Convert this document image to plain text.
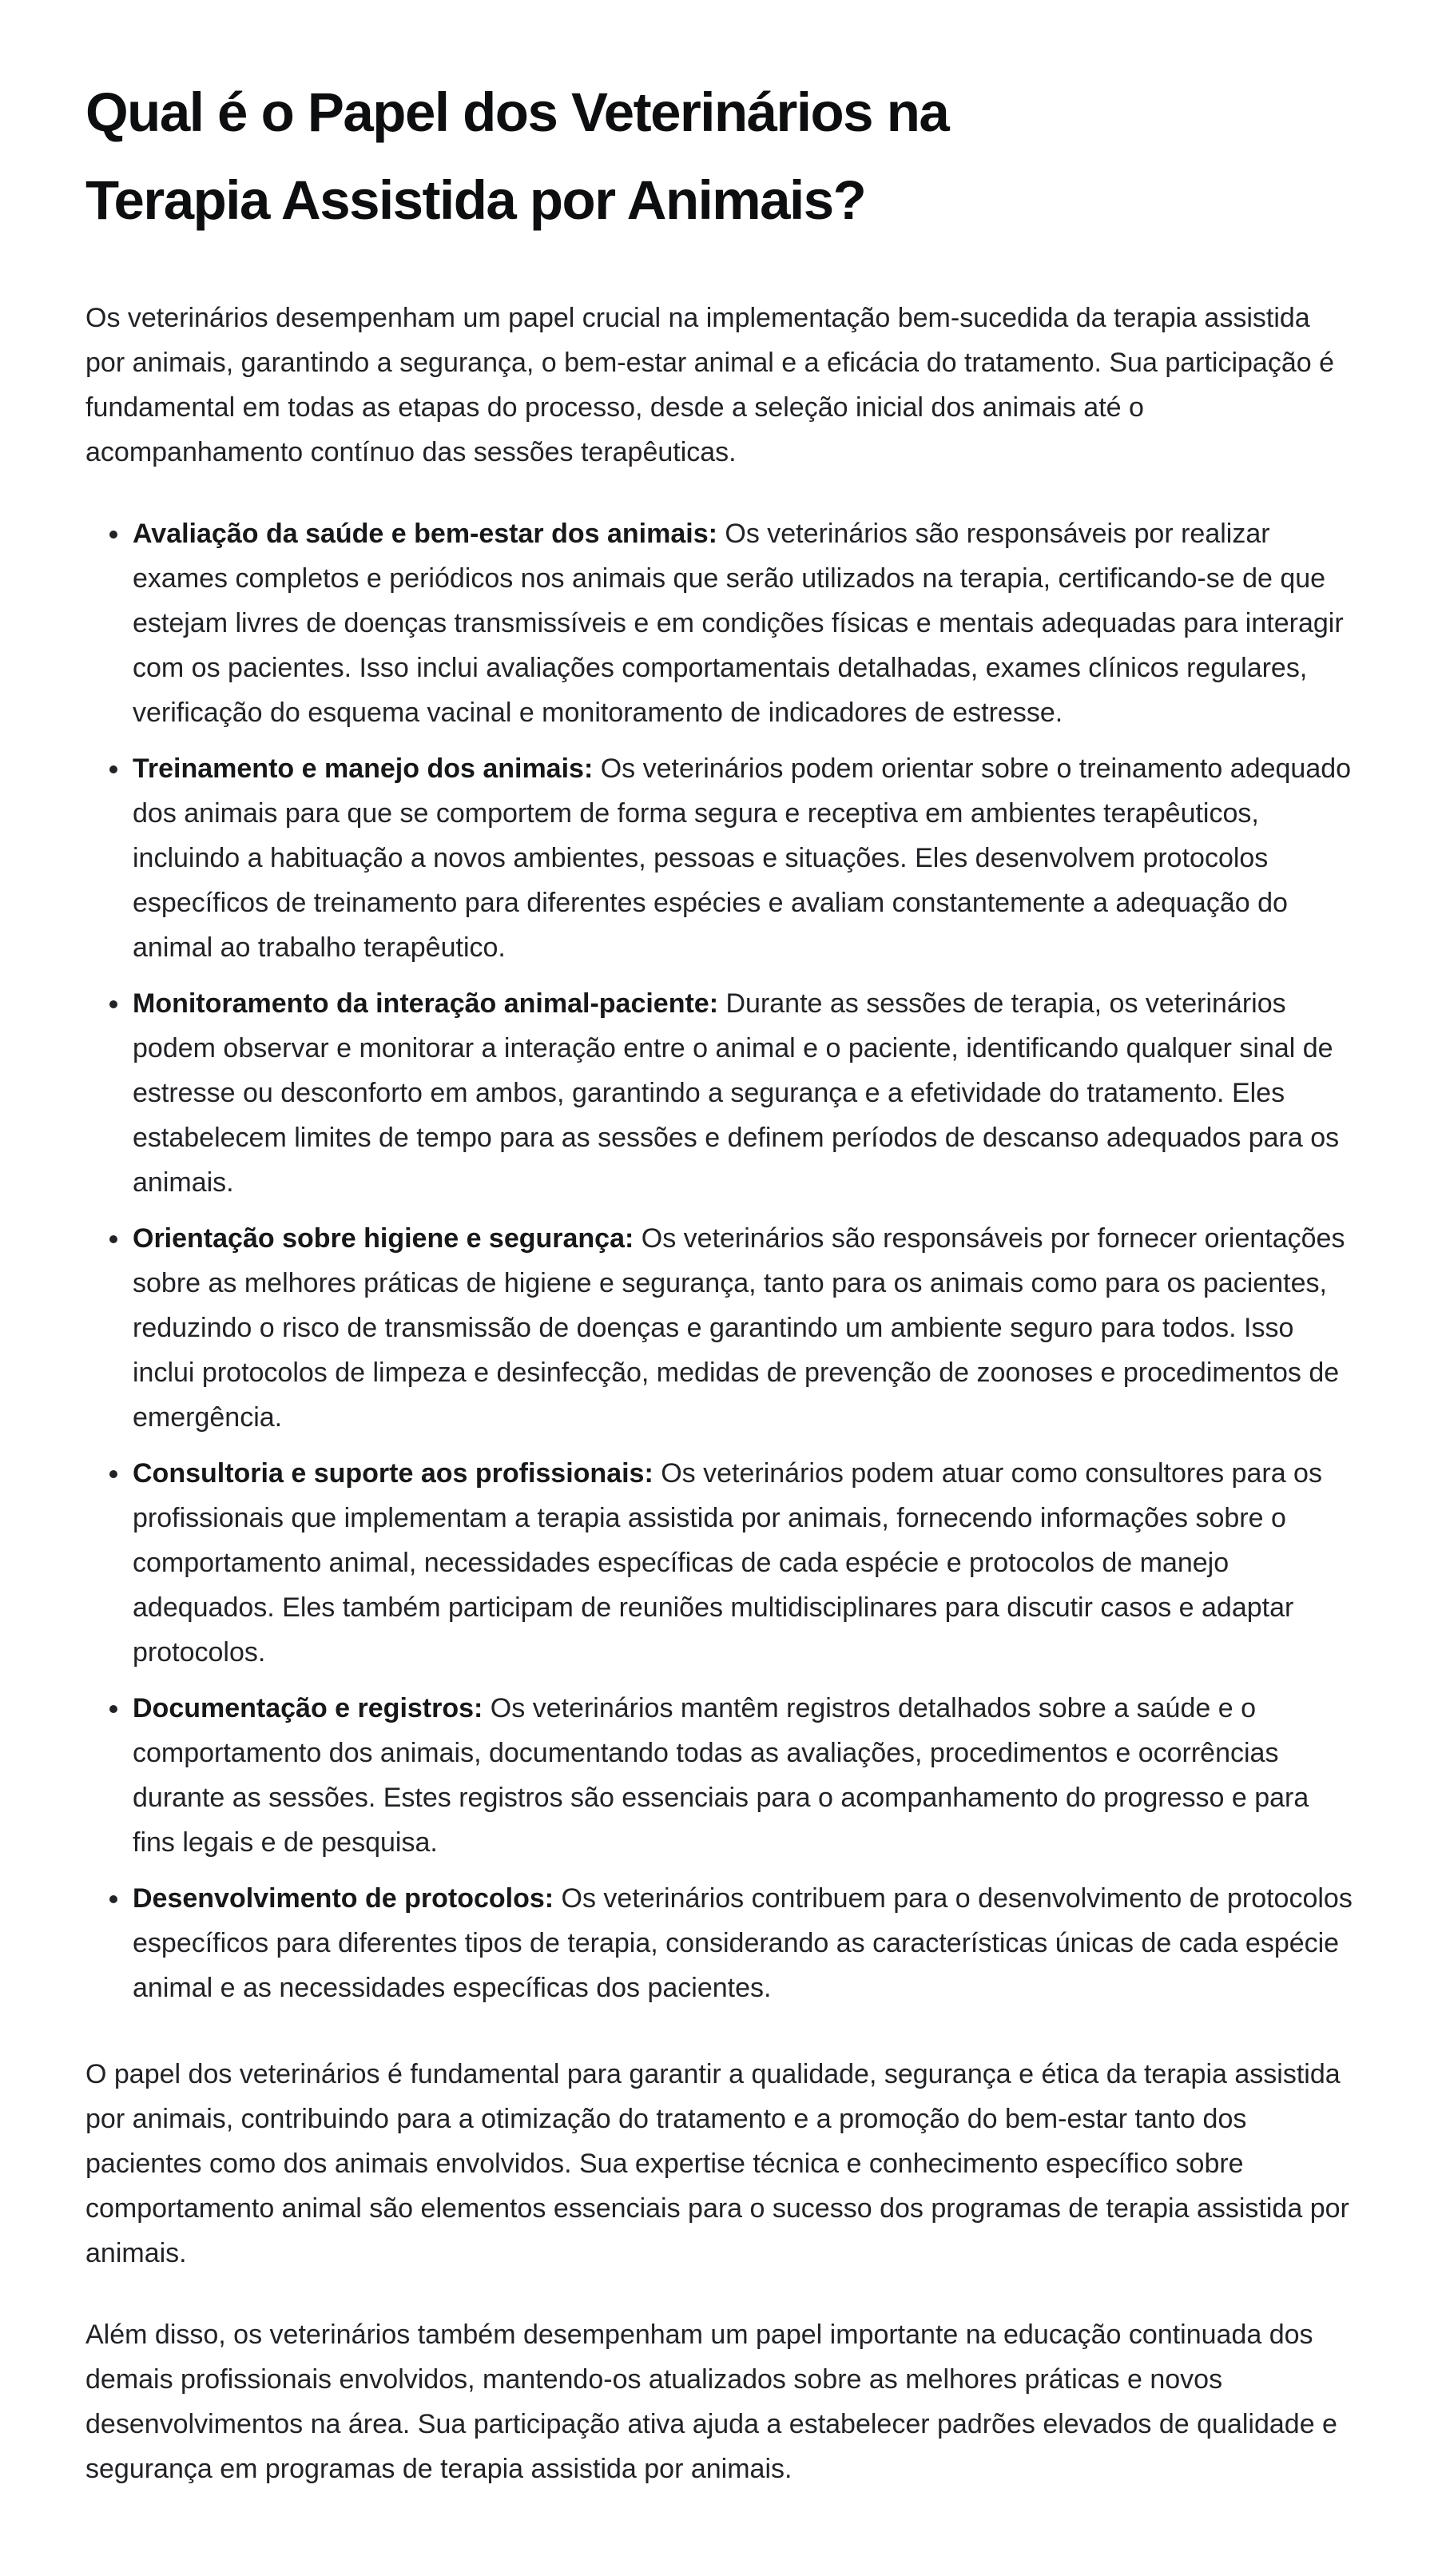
Qual é o Papel dos Veterinários na
Terapia Assistida por Animais?

Os veterinários desempenham um papel crucial na implementação bem-sucedida da terapia assistida por animais, garantindo a segurança, o bem-estar animal e a eficácia do tratamento. Sua participação é fundamental em todas as etapas do processo, desde a seleção inicial dos animais até o acompanhamento contínuo das sessões terapêuticas.

• Avaliação da saúde e bem-estar dos animais: Os veterinários são responsáveis por realizar exames completos e periódicos nos animais que serão utilizados na terapia, certificando-se de que estejam livres de doenças transmissíveis e em condições físicas e mentais adequadas para interagir com os pacientes. Isso inclui avaliações comportamentais detalhadas, exames clínicos regulares, verificação do esquema vacinal e monitoramento de indicadores de estresse.
• Treinamento e manejo dos animais: Os veterinários podem orientar sobre o treinamento adequado dos animais para que se comportem de forma segura e receptiva em ambientes terapêuticos, incluindo a habituação a novos ambientes, pessoas e situações. Eles desenvolvem protocolos específicos de treinamento para diferentes espécies e avaliam constantemente a adequação do animal ao trabalho terapêutico.
• Monitoramento da interação animal-paciente: Durante as sessões de terapia, os veterinários podem observar e monitorar a interação entre o animal e o paciente, identificando qualquer sinal de estresse ou desconforto em ambos, garantindo a segurança e a efetividade do tratamento. Eles estabelecem limites de tempo para as sessões e definem períodos de descanso adequados para os animais.
• Orientação sobre higiene e segurança: Os veterinários são responsáveis por fornecer orientações sobre as melhores práticas de higiene e segurança, tanto para os animais como para os pacientes, reduzindo o risco de transmissão de doenças e garantindo um ambiente seguro para todos. Isso inclui protocolos de limpeza e desinfecção, medidas de prevenção de zoonoses e procedimentos de emergência.
• Consultoria e suporte aos profissionais: Os veterinários podem atuar como consultores para os profissionais que implementam a terapia assistida por animais, fornecendo informações sobre o comportamento animal, necessidades específicas de cada espécie e protocolos de manejo adequados. Eles também participam de reuniões multidisciplinares para discutir casos e adaptar protocolos.
• Documentação e registros: Os veterinários mantêm registros detalhados sobre a saúde e o comportamento dos animais, documentando todas as avaliações, procedimentos e ocorrências durante as sessões. Estes registros são essenciais para o acompanhamento do progresso e para fins legais e de pesquisa.
• Desenvolvimento de protocolos: Os veterinários contribuem para o desenvolvimento de protocolos específicos para diferentes tipos de terapia, considerando as características únicas de cada espécie animal e as necessidades específicas dos pacientes.

O papel dos veterinários é fundamental para garantir a qualidade, segurança e ética da terapia assistida por animais, contribuindo para a otimização do tratamento e a promoção do bem-estar tanto dos pacientes como dos animais envolvidos. Sua expertise técnica e conhecimento específico sobre comportamento animal são elementos essenciais para o sucesso dos programas de terapia assistida por animais.

Além disso, os veterinários também desempenham um papel importante na educação continuada dos demais profissionais envolvidos, mantendo-os atualizados sobre as melhores práticas e novos desenvolvimentos na área. Sua participação ativa ajuda a estabelecer padrões elevados de qualidade e segurança em programas de terapia assistida por animais.
